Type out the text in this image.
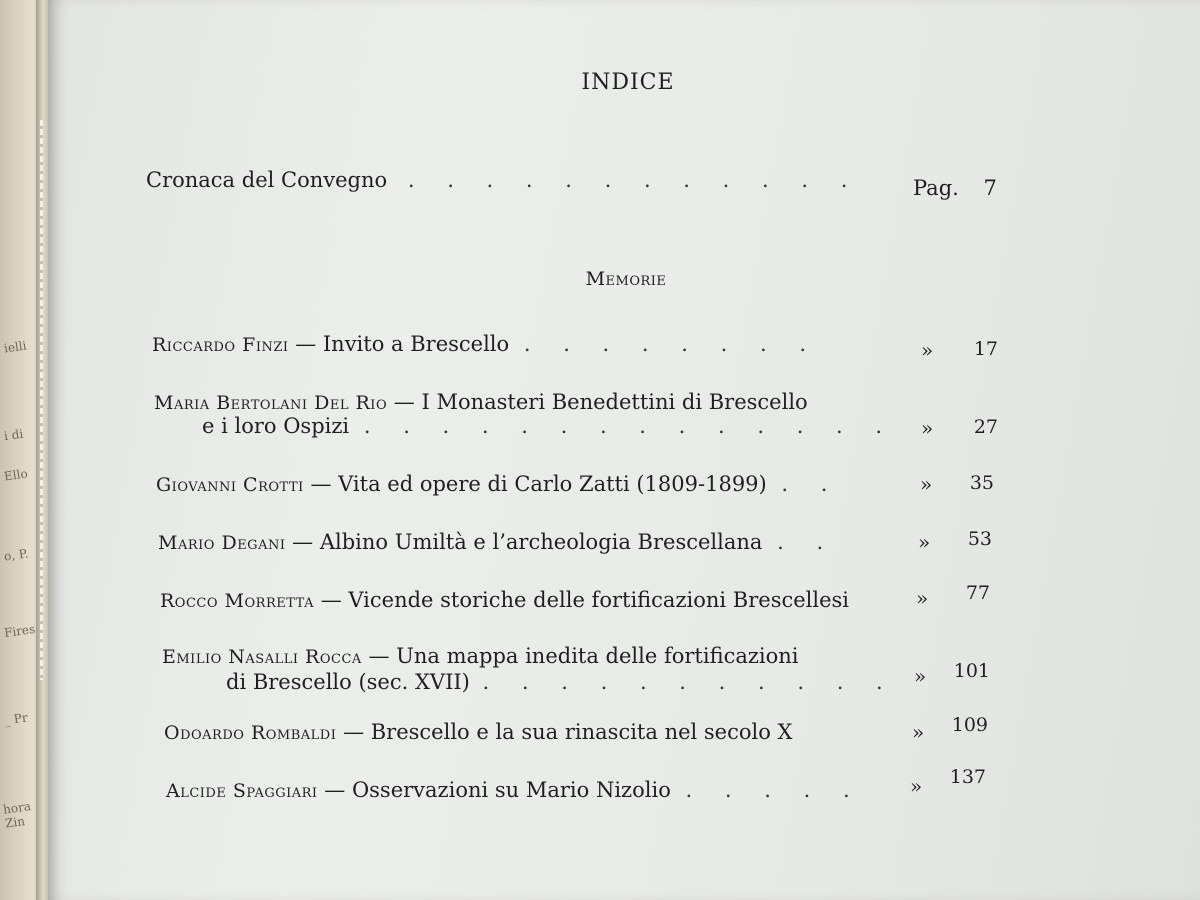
ielli
i di
Ello
o, P.
Fires
_ Pr
hora Zin
INDICE
Cronaca del Convegno . . . . . . . . . . . .	Pag. 7
Memorie
Riccardo Finzi — Invito a Brescello . . . . . . . .	»	17
Maria Bertolani Del Rio — I Monasteri Benedettini di Brescello
e i loro Ospizi . . . . . . . . . . . . . . »	27
Giovanni Crotti — Vita ed opere di Carlo Zatti (1809-1899) . .	»	35
Mario Degani — Albino Umiltà e l’archeologia Brescellana . .	»	53
Rocco Morretta — Vicende storiche delle fortificazioni Brescellesi	»	77
Emilio Nasalli Rocca — Una mappa inedita delle fortificazioni
di Brescello (sec. XVII) . . . . . . . . . . . »	101
Odoardo Rombaldi — Brescello e la sua rinascita nel secolo X	»	109
Alcide Spaggiari — Osservazioni su Mario Nizolio . . . . . »	137
